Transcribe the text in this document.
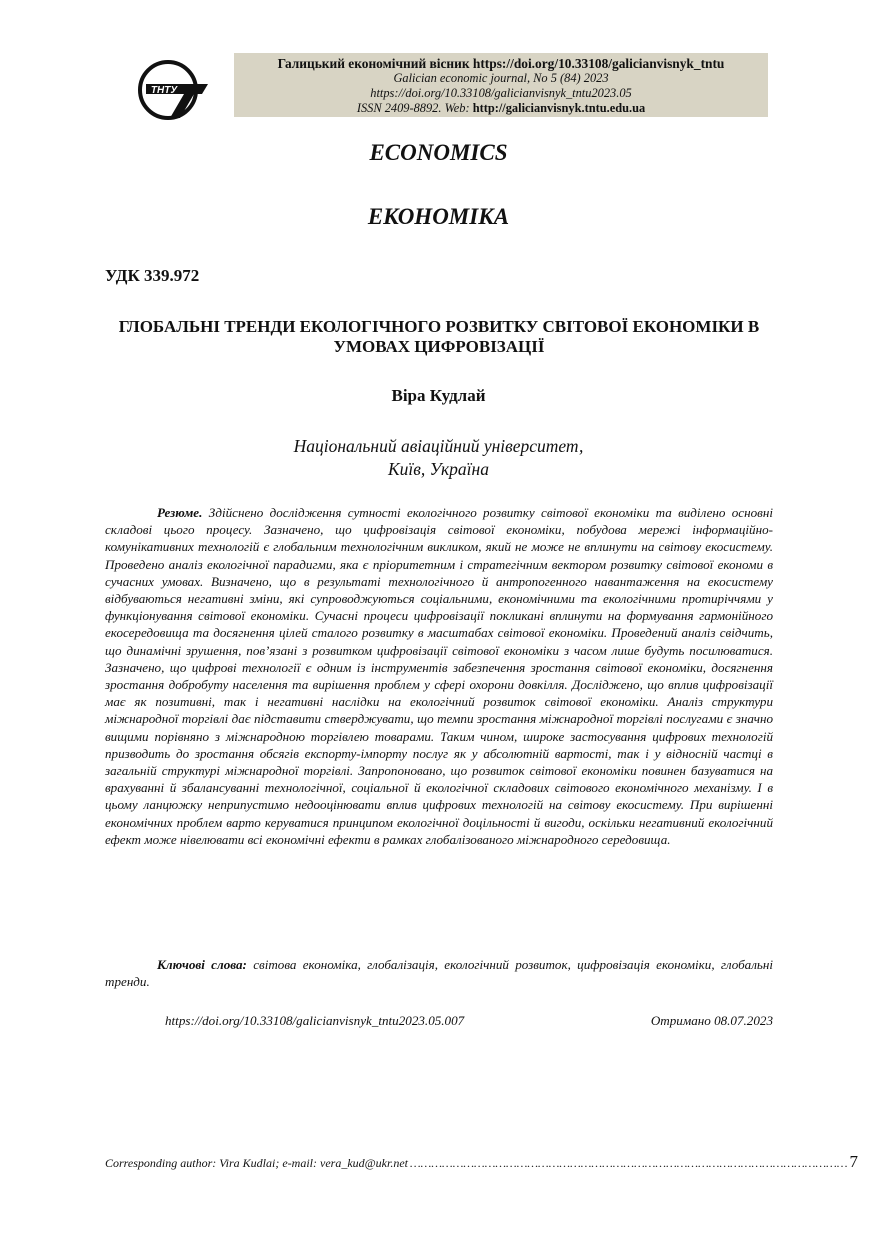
ТНТУ
Галицький економічний вісник https://doi.org/10.33108/galicianvisnyk_tntu
Galician economic journal, No 5 (84) 2023
https://doi.org/10.33108/galicianvisnyk_tntu2023.05
ISSN 2409-8892. Web: http://galicianvisnyk.tntu.edu.ua
ECONOMICS
ЕКОНОМІКА
УДК 339.972
ГЛОБАЛЬНІ ТРЕНДИ ЕКОЛОГІЧНОГО РОЗВИТКУ СВІТОВОЇ ЕКОНОМІКИ В УМОВАХ ЦИФРОВІЗАЦІЇ
Віра Кудлай
Національний авіаційний університет,
Київ, Україна

Резюме. Здійснено дослідження сутності екологічного розвитку світової економіки та виділено основні складові цього процесу. Зазначено, що цифровізація світової економіки, побудова мережі інформаційно-комунікативних технологій є глобальним технологічним викликом, який не може не вплинути на світову екосистему. Проведено аналіз екологічної парадигми, яка є пріоритетним і стратегічним вектором розвитку світової економи в сучасних умовах. Визначено, що в результаті технологічного й антропогенного навантаження на екосистему відбуваються негативні зміни, які супроводжуються соціальними, економічними та екологічними протиріччями у функціонування світової економіки. Сучасні процеси цифровізації покликані вплинути на формування гармонійного екосередовища та досягнення цілей сталого розвитку в масштабах світової економіки. Проведений аналіз свідчить, що динамічні зрушення, пов’язані з розвитком цифровізації світової економіки з часом лише будуть посилюватися. Зазначено, що цифрові технології є одним із інструментів забезпечення зростання світової економіки, досягнення зростання добробуту населення та вирішення проблем у сфері охорони довкілля. Досліджено, що вплив цифровізації має як позитивні, так і негативні наслідки на екологічний розвиток світової економіки. Аналіз структури міжнародної торгівлі дає підставити стверджувати, що темпи зростання міжнародної торгівлі послугами є значно вищими порівняно з міжнародною торгівлею товарами. Таким чином, широке застосування цифрових технологій призводить до зростання обсягів експорту-імпорту послуг як у абсолютній вартості, так і у відносній частці в загальній структурі міжнародної торгівлі. Запропоновано, що розвиток світової економіки повинен базуватися на врахуванні й збалансуванні технологічної, соціальної й екологічної складових світового економічного механізму. І в цьому ланцюжку неприпустимо недооцінювати вплив цифрових технологій на світову екосистему. При вирішенні економічних проблем варто керуватися принципом екологічної доцільності й вигоди, оскільки негативний екологічний ефект може нівелювати всі економічні ефекти в рамках глобалізованого міжнародного середовища.

Ключові слова: світова економіка, глобалізація, екологічний розвиток, цифровізація економіки, глобальні тренди.

https://doi.org/10.33108/galicianvisnyk_tntu2023.05.007	Отримано 08.07.2023
Corresponding author: Vira Kudlai; e-mail: vera_kud@ukr.net …………………………………………………………………………………………………………… 7
